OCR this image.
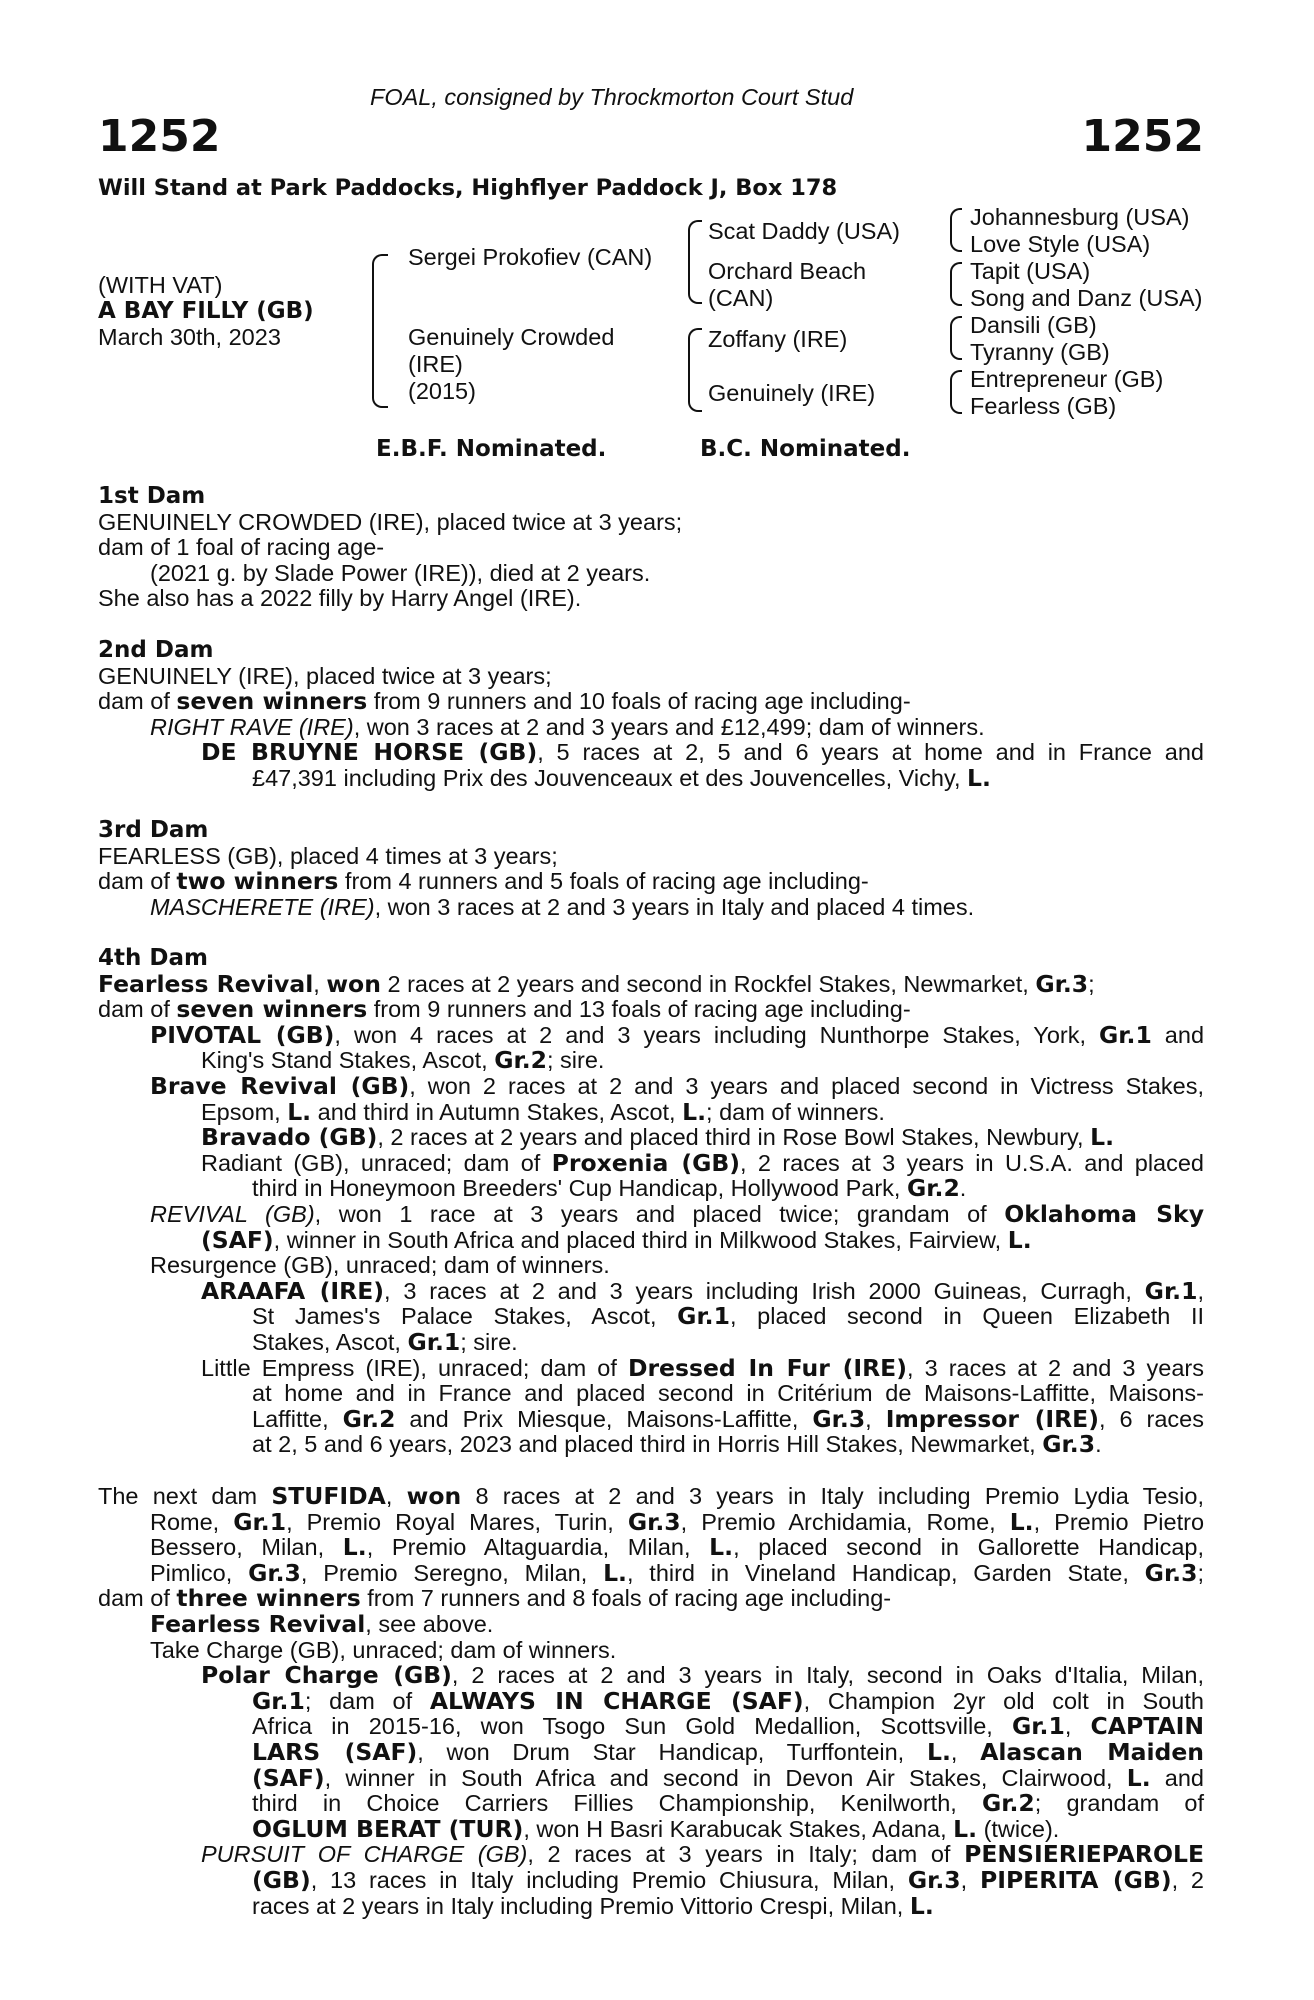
FOAL, consigned by Throckmorton Court Stud
1252	1252
Will Stand at Park Paddocks, Highflyer Paddock J, Box 178
(WITH VAT)
A BAY FILLY (GB)
March 30th, 2023
Sergei Prokofiev (CAN)
Genuinely Crowded
(IRE)
(2015)
Scat Daddy (USA)
Orchard Beach
(CAN)
Zoffany (IRE)
Genuinely (IRE)
Johannesburg (USA)
Love Style (USA)
Tapit (USA)
Song and Danz (USA)
Dansili (GB)
Tyranny (GB)
Entrepreneur (GB)
Fearless (GB)
E.B.F. Nominated.	B.C. Nominated.
1st Dam
GENUINELY CROWDED (IRE), placed twice at 3 years;
dam of 1 foal of racing age-
(2021 g. by Slade Power (IRE)), died at 2 years.
She also has a 2022 filly by Harry Angel (IRE).
2nd Dam
GENUINELY (IRE), placed twice at 3 years;
dam of seven winners from 9 runners and 10 foals of racing age including-
RIGHT RAVE (IRE), won 3 races at 2 and 3 years and £12,499; dam of winners.
DE BRUYNE HORSE (GB), 5 races at 2, 5 and 6 years at home and in France and
£47,391 including Prix des Jouvenceaux et des Jouvencelles, Vichy, L.
3rd Dam
FEARLESS (GB), placed 4 times at 3 years;
dam of two winners from 4 runners and 5 foals of racing age including-
MASCHERETE (IRE), won 3 races at 2 and 3 years in Italy and placed 4 times.
4th Dam
Fearless Revival, won 2 races at 2 years and second in Rockfel Stakes, Newmarket, Gr.3;
dam of seven winners from 9 runners and 13 foals of racing age including-
PIVOTAL (GB), won 4 races at 2 and 3 years including Nunthorpe Stakes, York, Gr.1 and
King's Stand Stakes, Ascot, Gr.2; sire.
Brave Revival (GB), won 2 races at 2 and 3 years and placed second in Victress Stakes,
Epsom, L. and third in Autumn Stakes, Ascot, L.; dam of winners.
Bravado (GB), 2 races at 2 years and placed third in Rose Bowl Stakes, Newbury, L.
Radiant (GB), unraced; dam of Proxenia (GB), 2 races at 3 years in U.S.A. and placed
third in Honeymoon Breeders' Cup Handicap, Hollywood Park, Gr.2.
REVIVAL (GB), won 1 race at 3 years and placed twice; grandam of Oklahoma Sky
(SAF), winner in South Africa and placed third in Milkwood Stakes, Fairview, L.
Resurgence (GB), unraced; dam of winners.
ARAAFA (IRE), 3 races at 2 and 3 years including Irish 2000 Guineas, Curragh, Gr.1,
St James's Palace Stakes, Ascot, Gr.1, placed second in Queen Elizabeth II
Stakes, Ascot, Gr.1; sire.
Little Empress (IRE), unraced; dam of Dressed In Fur (IRE), 3 races at 2 and 3 years
at home and in France and placed second in Critérium de Maisons-Laffitte, Maisons-
Laffitte, Gr.2 and Prix Miesque, Maisons-Laffitte, Gr.3, Impressor (IRE), 6 races
at 2, 5 and 6 years, 2023 and placed third in Horris Hill Stakes, Newmarket, Gr.3.
The next dam STUFIDA, won 8 races at 2 and 3 years in Italy including Premio Lydia Tesio,
Rome, Gr.1, Premio Royal Mares, Turin, Gr.3, Premio Archidamia, Rome, L., Premio Pietro
Bessero, Milan, L., Premio Altaguardia, Milan, L., placed second in Gallorette Handicap,
Pimlico, Gr.3, Premio Seregno, Milan, L., third in Vineland Handicap, Garden State, Gr.3;
dam of three winners from 7 runners and 8 foals of racing age including-
Fearless Revival, see above.
Take Charge (GB), unraced; dam of winners.
Polar Charge (GB), 2 races at 2 and 3 years in Italy, second in Oaks d'Italia, Milan,
Gr.1; dam of ALWAYS IN CHARGE (SAF), Champion 2yr old colt in South
Africa in 2015-16, won Tsogo Sun Gold Medallion, Scottsville, Gr.1, CAPTAIN
LARS (SAF), won Drum Star Handicap, Turffontein, L., Alascan Maiden
(SAF), winner in South Africa and second in Devon Air Stakes, Clairwood, L. and
third in Choice Carriers Fillies Championship, Kenilworth, Gr.2; grandam of
OGLUM BERAT (TUR), won H Basri Karabucak Stakes, Adana, L. (twice).
PURSUIT OF CHARGE (GB), 2 races at 3 years in Italy; dam of PENSIERIEPAROLE
(GB), 13 races in Italy including Premio Chiusura, Milan, Gr.3, PIPERITA (GB), 2
races at 2 years in Italy including Premio Vittorio Crespi, Milan, L.
